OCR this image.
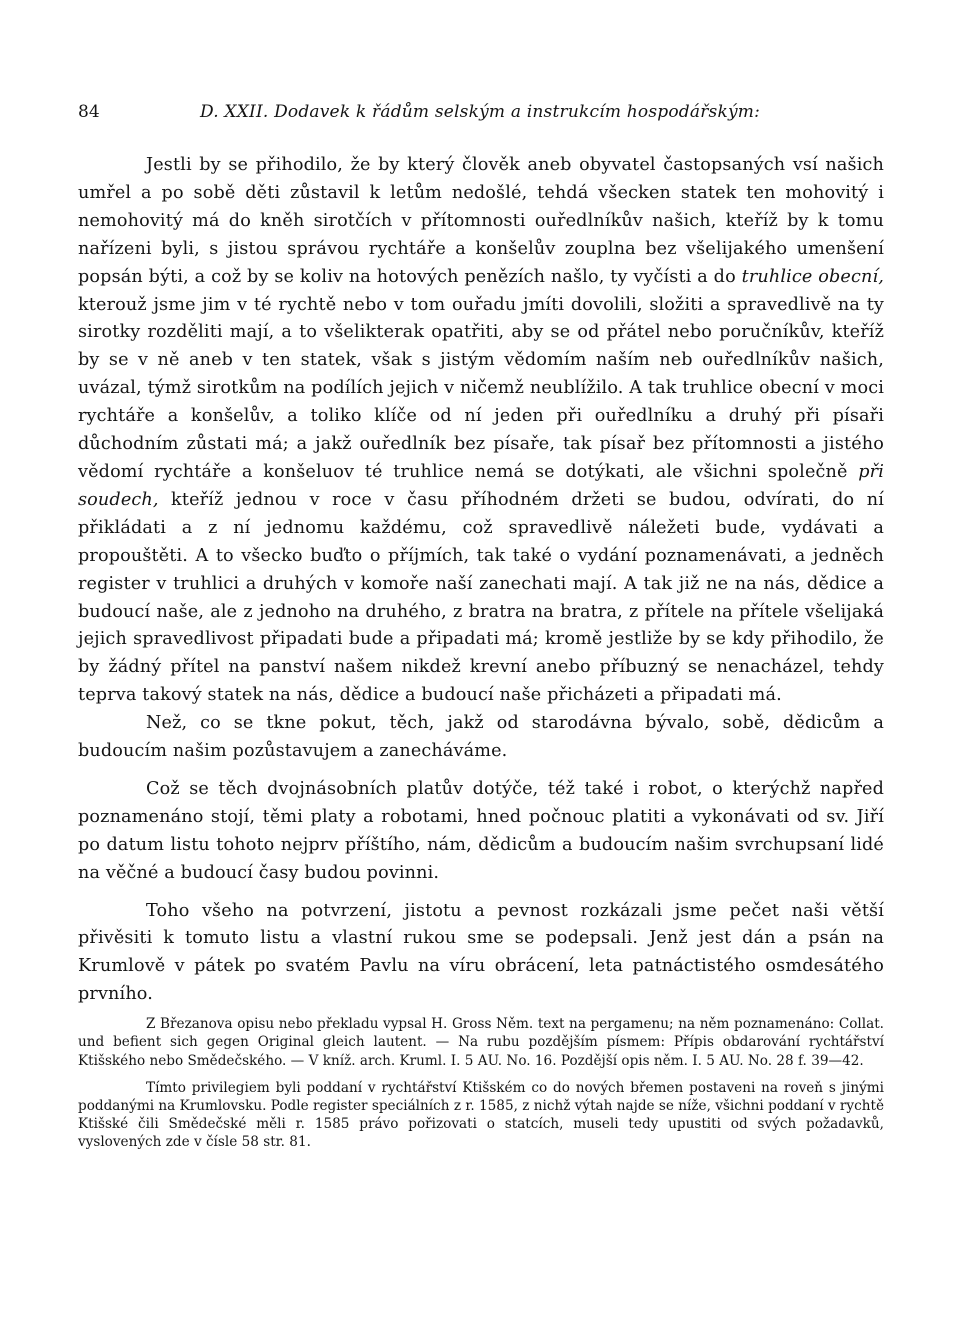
84	D. XXII. Dodavek k řádům selským a instrukcím hospodářským:

Jestli by se přihodilo, že by který člověk aneb obyvatel častopsaných vsí našich umřel a po sobě děti zůstavil k letům nedošlé, tehdá všecken statek ten mohovitý i nemohovitý má do kněh sirotčích v přítomnosti ouředlníkův našich, kteříž by k tomu nařízeni byli, s jistou správou rychtáře a konšelův zouplna bez všelijakého umenšení popsán býti, a což by se koliv na hotových penězích našlo, ty vyčísti a do truhlice obecní, kterouž jsme jim v té rychtě nebo v tom ouřadu jmíti dovolili, složiti a spravedlivě na ty sirotky rozděliti mají, a to všelikterak opatřiti, aby se od přátel nebo poručníkův, kteříž by se v ně aneb v ten statek, však s jistým vědomím naším neb ouředlníkův našich, uvázal, týmž sirotkům na podílích jejich v ničemž neublížilo. A tak truhlice obecní v moci rychtáře a konšelův, a toliko klíče od ní jeden při ouředlníku a druhý při písaři důchodním zůstati má; a jakž ouředlník bez písaře, tak písař bez přítomnosti a jistého vědomí rychtáře a konšeluov té truhlice nemá se dotýkati, ale všichni společně při soudech, kteříž jednou v roce v času příhodném držeti se budou, odvírati, do ní přikládati a z ní jednomu každému, což spravedlivě náležeti bude, vydávati a propouštěti. A to všecko buďto o příjmích, tak také o vydání poznamenávati, a jedněch register v truhlici a druhých v komoře naší zanechati mají. A tak již ne na nás, dědice a budoucí naše, ale z jednoho na druhého, z bratra na bratra, z přítele na přítele všelijaká jejich spravedlivost připadati bude a připadati má; kromě jestliže by se kdy přihodilo, že by žádný přítel na panství našem nikdež krevní anebo příbuzný se nenacházel, tehdy teprva takový statek na nás, dědice a budoucí naše přicházeti a připadati má.

Než, co se tkne pokut, těch, jakž od starodávna bývalo, sobě, dědicům a budoucím našim pozůstavujem a zanecháváme.

Což se těch dvojnásobních platův dotýče, též také i robot, o kterýchž napřed poznamenáno stojí, těmi platy a robotami, hned počnouc platiti a vykonávati od sv. Jiří po datum listu tohoto nejprv příštího, nám, dědicům a budoucím našim svrchupsaní lidé na věčné a budoucí časy budou povinni.

Toho všeho na potvrzení, jistotu a pevnost rozkázali jsme pečet naši větší přivěsiti k tomuto listu a vlastní rukou sme se podepsali. Jenž jest dán a psán na Krumlově v pátek po svatém Pavlu na víru obrácení, leta patnáctistého osmdesátého prvního.

Z Březanova opisu nebo překladu vypsal H. Gross Něm. text na pergamenu; na něm poznamenáno: Collat. und befient sich gegen Original gleich lautent. — Na rubu pozdějším písmem: Přípis obdarování rychtářství Ktišského nebo Smědečského. — V kníž. arch. Kruml. I. 5 AU. No. 16. Pozdější opis něm. I. 5 AU. No. 28 f. 39—42.

Tímto privilegiem byli poddaní v rychtářství Ktišském co do nových břemen postaveni na roveň s jinými poddanými na Krumlovsku. Podle register speciálních z r. 1585, z nichž výtah najde se níže, všichni poddaní v rychtě Ktišské čili Smědečské měli r. 1585 právo pořizovati o statcích, museli tedy upustiti od svých požadavků, vyslovených zde v čísle 58 str. 81.
